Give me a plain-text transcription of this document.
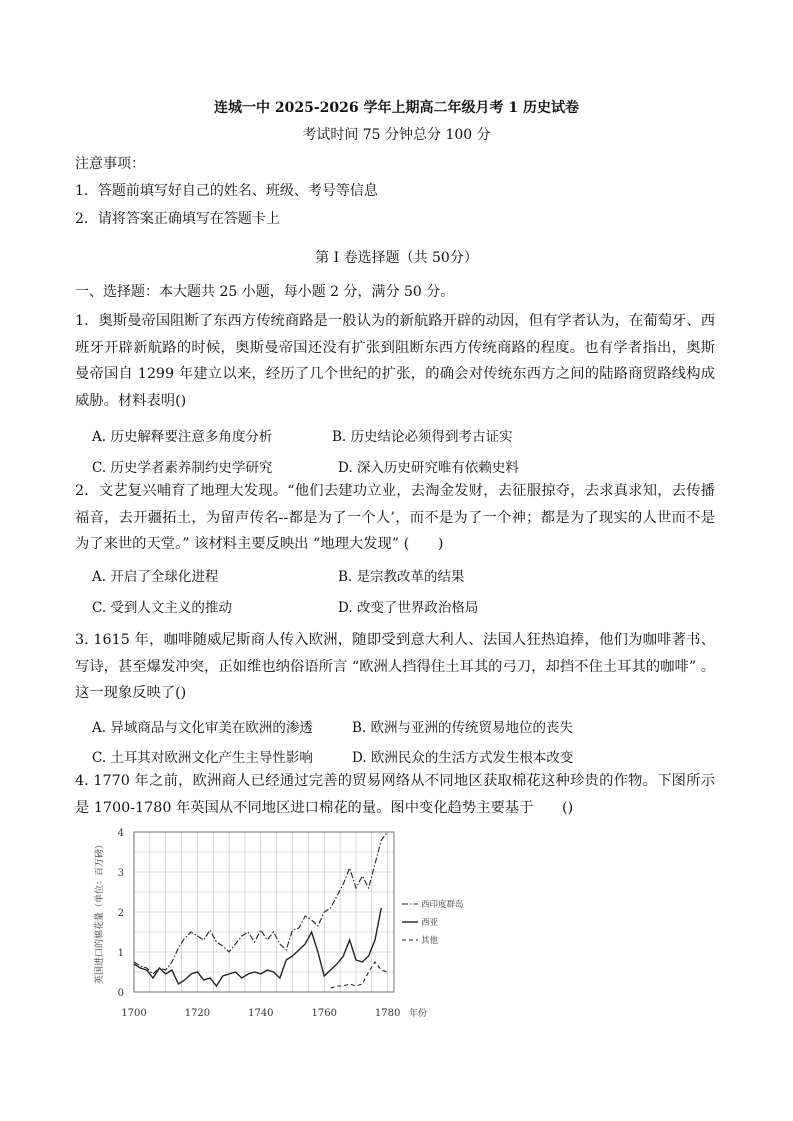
连城一中 2025-2026 学年上期高二年级月考 1 历史试卷
考试时间 75 分钟总分 100 分
注意事项：
1．答题前填写好自己的姓名、班级、考号等信息
2．请将答案正确填写在答题卡上
第 I 卷选择题（共 50分）
一、选择题：本大题共 25 小题，每小题 2 分，满分 50 分。
1．奥斯曼帝国阻断了东西方传统商路是一般认为的新航路开辟的动因，但有学者认为，在葡萄牙、西班牙开辟新航路的时候，奥斯曼帝国还没有扩张到阻断东西方传统商路的程度。也有学者指出，奥斯曼帝国自 1299 年建立以来，经历了几个世纪的扩张，的确会对传统东西方之间的陆路商贸路线构成威胁。材料表明()
A. 历史解释要注意多角度分析	B. 历史结论必须得到考古证实
C. 历史学者素养制约史学研究	D. 深入历史研究唯有依赖史料
2．文艺复兴哺育了地理大发现。“他们去建功立业，去淘金发财，去征服掠夺，去求真求知，去传播福音，去开疆拓土，为留声传名--都是为了一个人’，而不是为了一个神；都是为了现实的人世而不是为了来世的天堂。” 该材料主要反映出 “地理大发现” (　　)
A. 开启了全球化进程	B. 是宗教改革的结果
C. 受到人文主义的推动	D. 改变了世界政治格局
3. 1615 年，咖啡随威尼斯商人传入欧洲，随即受到意大利人、法国人狂热追捧，他们为咖啡著书、写诗，甚至爆发冲突，正如维也纳俗语所言 “欧洲人挡得住土耳其的弓刀，却挡不住土耳其的咖啡” 。这一现象反映了()
A. 异域商品与文化审美在欧洲的渗透	B. 欧洲与亚洲的传统贸易地位的丧失
C. 土耳其对欧洲文化产生主导性影响	D. 欧洲民众的生活方式发生根本改变
4. 1770 年之前，欧洲商人已经通过完善的贸易网络从不同地区获取棉花这种珍贵的作物。下图所示是 1700-1780 年英国从不同地区进口棉花的量。图中变化趋势主要基于　　()
1700	1720	1740	1760	1780
0
1
2
3
4
年份
英国进口的棉花量（单位：百万磅）	西印度群岛
西亚
其他
